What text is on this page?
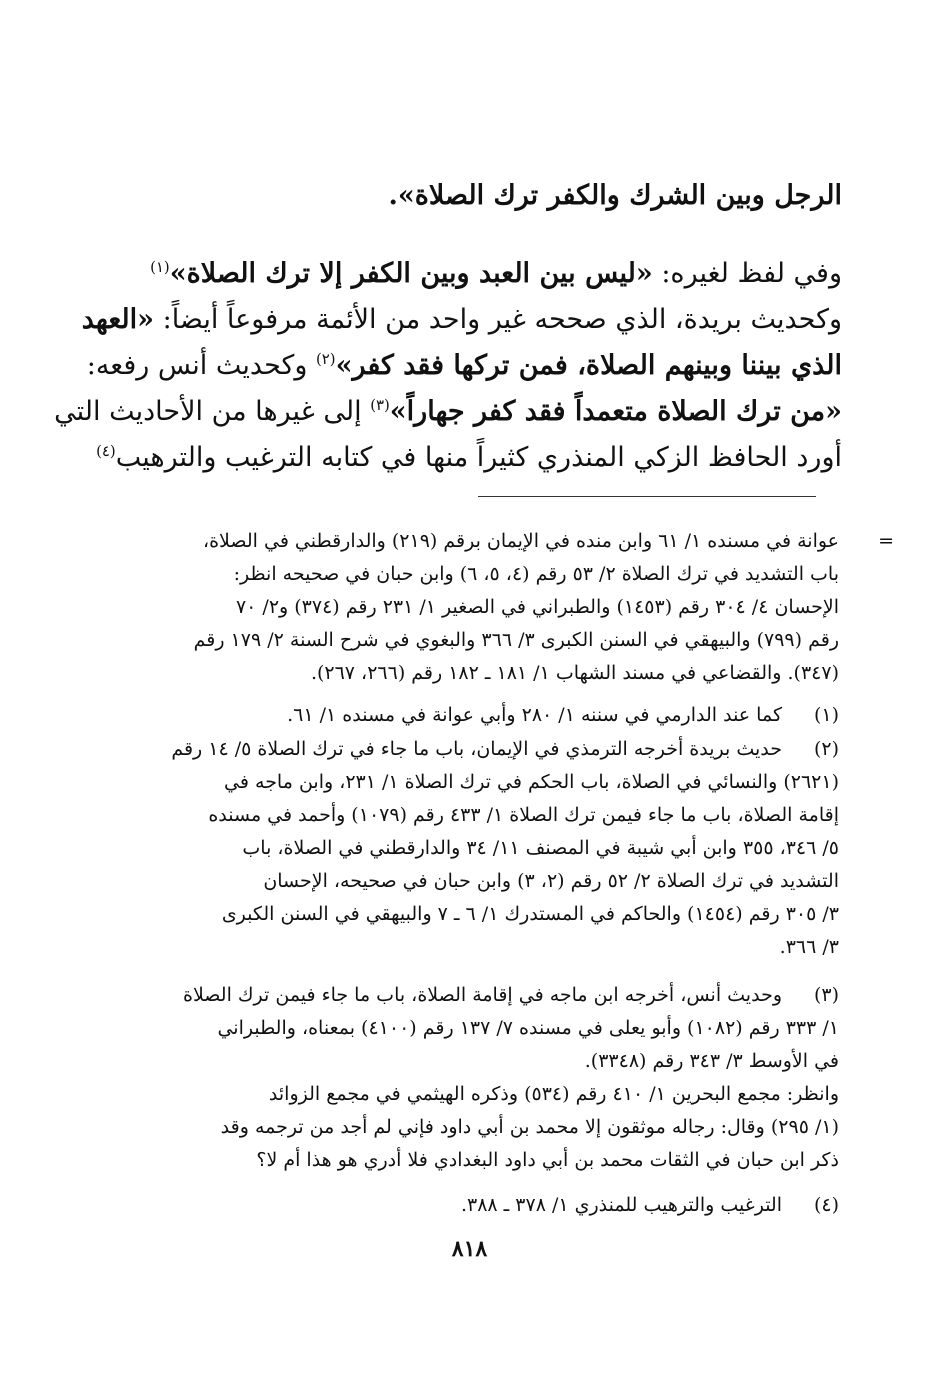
الرجل وبين الشرك والكفر ترك الصلاة».
وفي لفظ لغيره: «ليس بين العبد وبين الكفر إلا ترك الصلاة»$^{(١)}$
وكحديث بريدة، الذي صححه غير واحد من الأئمة مرفوعاً أيضاً: «العهد
الذي بيننا وبينهم الصلاة، فمن تركها فقد كفر»$^{(٢)}$ وكحديث أنس رفعه:
«من ترك الصلاة متعمداً فقد كفر جهاراً»$^{(٣)}$ إلى غيرها من الأحاديث التي
أورد الحافظ الزكي المنذري كثيراً منها في كتابه الترغيب والترهيب$^{(٤)}$
=
عوانة في مسنده ١/ ٦١ وابن منده في الإيمان برقم (٢١٩) والدارقطني في الصلاة،
باب التشديد في ترك الصلاة ٢/ ٥٣ رقم (٤، ٥، ٦) وابن حبان في صحيحه انظر:
الإحسان ٤/ ٣٠٤ رقم (١٤٥٣) والطبراني في الصغير ١/ ٢٣١ رقم (٣٧٤) و٢/ ٧٠
رقم (٧٩٩) والبيهقي في السنن الكبرى ٣/ ٣٦٦ والبغوي في شرح السنة ٢/ ١٧٩ رقم
(٣٤٧). والقضاعي في مسند الشهاب ١/ ١٨١ ـ ١٨٢ رقم (٢٦٦، ٢٦٧).
(١)
كما عند الدارمي في سننه ١/ ٢٨٠ وأبي عوانة في مسنده ١/ ٦١.
(٢)
حديث بريدة أخرجه الترمذي في الإيمان، باب ما جاء في ترك الصلاة ٥/ ١٤ رقم
(٢٦٢١) والنسائي في الصلاة، باب الحكم في ترك الصلاة ١/ ٢٣١، وابن ماجه في
إقامة الصلاة، باب ما جاء فيمن ترك الصلاة ١/ ٤٣٣ رقم (١٠٧٩) وأحمد في مسنده
٥/ ٣٤٦، ٣٥٥ وابن أبي شيبة في المصنف ١١/ ٣٤ والدارقطني في الصلاة، باب
التشديد في ترك الصلاة ٢/ ٥٢ رقم (٢، ٣) وابن حبان في صحيحه، الإحسان
٣/ ٣٠٥ رقم (١٤٥٤) والحاكم في المستدرك ١/ ٦ ـ ٧ والبيهقي في السنن الكبرى
٣/ ٣٦٦.
(٣)
وحديث أنس، أخرجه ابن ماجه في إقامة الصلاة، باب ما جاء فيمن ترك الصلاة
١/ ٣٣٣ رقم (١٠٨٢) وأبو يعلى في مسنده ٧/ ١٣٧ رقم (٤١٠٠) بمعناه، والطبراني
في الأوسط ٣/ ٣٤٣ رقم (٣٣٤٨).
وانظر: مجمع البحرين ١/ ٤١٠ رقم (٥٣٤) وذكره الهيثمي في مجمع الزوائد
(١/ ٢٩٥) وقال: رجاله موثقون إلا محمد بن أبي داود فإني لم أجد من ترجمه وقد
ذكر ابن حبان في الثقات محمد بن أبي داود البغدادي فلا أدري هو هذا أم لا؟
(٤)
الترغيب والترهيب للمنذري ١/ ٣٧٨ ـ ٣٨٨.
٨١٨
